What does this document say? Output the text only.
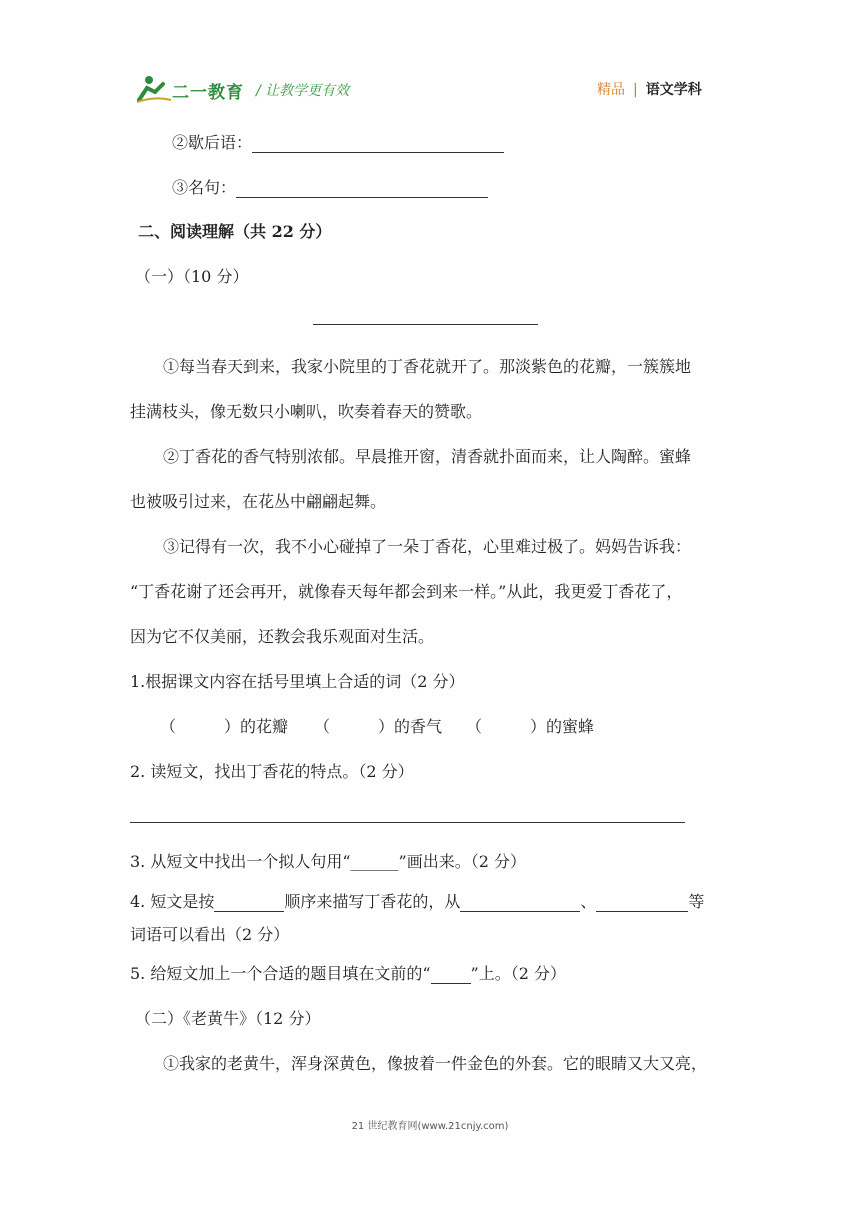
二一教育 / 让教学更有效	精品 | 语文学科
②歇后语：
③名句：
二、阅读理解（共 22 分）
（一）（10 分）
①每当春天到来，我家小院里的丁香花就开了。那淡紫色的花瓣，一簇簇地
挂满枝头，像无数只小喇叭，吹奏着春天的赞歌。
②丁香花的香气特别浓郁。早晨推开窗，清香就扑面而来，让人陶醉。蜜蜂
也被吸引过来，在花丛中翩翩起舞。
③记得有一次，我不小心碰掉了一朵丁香花，心里难过极了。妈妈告诉我：
“丁香花谢了还会再开，就像春天每年都会到来一样。”从此，我更爱丁香花了，
因为它不仅美丽，还教会我乐观面对生活。
1.根据课文内容在括号里填上合适的词（2 分）
（　　　）的花瓣 （　　　）的香气 （　　　）的蜜蜂
2. 读短文，找出丁香花的特点。（2 分）
3. 从短文中找出一个拟人句用“______”画出来。（2 分）
4. 短文是按	顺序来描写丁香花的，从	、	等
词语可以看出（2 分）
5. 给短文加上一个合适的题目填在文前的“	”上。（2 分）
（二）《老黄牛》（12 分）
①我家的老黄牛，浑身深黄色，像披着一件金色的外套。它的眼睛又大又亮，
21 世纪教育网(www.21cnjy.com)
